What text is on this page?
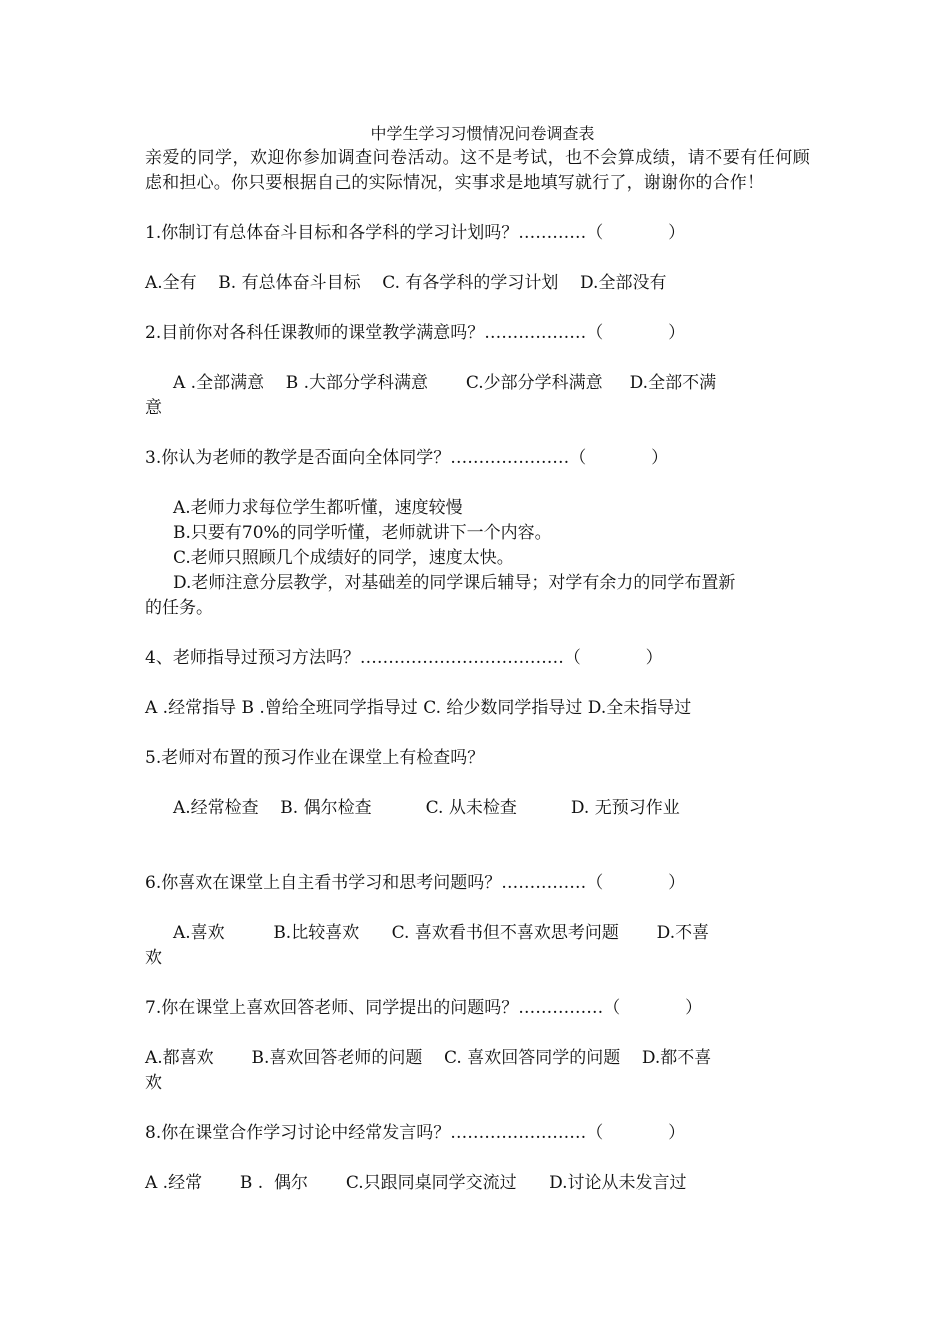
中学生学习习惯情况问卷调查表

亲爱的同学，欢迎你参加调查问卷活动。这不是考试，也不会算成绩，请不要有任何顾虑和担心。你只要根据自己的实际情况，实事求是地填写就行了，谢谢你的合作！

1.你制订有总体奋斗目标和各学科的学习计划吗？…………（            ）

A.全有    B. 有总体奋斗目标    C. 有各学科的学习计划    D.全部没有

2.目前你对各科任课教师的课堂教学满意吗？………………（            ）

A .全部满意    B .大部分学科满意       C.少部分学科满意     D.全部不满

意

3.你认为老师的教学是否面向全体同学？…………………（            ）

A.老师力求每位学生都听懂，速度较慢

B.只要有70%的同学听懂，老师就讲下一个内容。

C.老师只照顾几个成绩好的同学，速度太快。

D.老师注意分层教学，对基础差的同学课后辅导；对学有余力的同学布置新

的任务。

4、老师指导过预习方法吗？………………………………（            ）

A .经常指导 B .曾给全班同学指导过 C. 给少数同学指导过 D.全未指导过

5.老师对布置的预习作业在课堂上有检查吗？

A.经常检查    B. 偶尔检查          C. 从未检查          D. 无预习作业

6.你喜欢在课堂上自主看书学习和思考问题吗？……………（            ）

A.喜欢         B.比较喜欢      C. 喜欢看书但不喜欢思考问题       D.不喜

欢

7.你在课堂上喜欢回答老师、同学提出的问题吗？……………（            ）

A.都喜欢       B.喜欢回答老师的问题    C. 喜欢回答同学的问题    D.都不喜

欢

8.你在课堂合作学习讨论中经常发言吗？……………………（            ）

A .经常       B .  偶尔       C.只跟同桌同学交流过      D.讨论从未发言过
